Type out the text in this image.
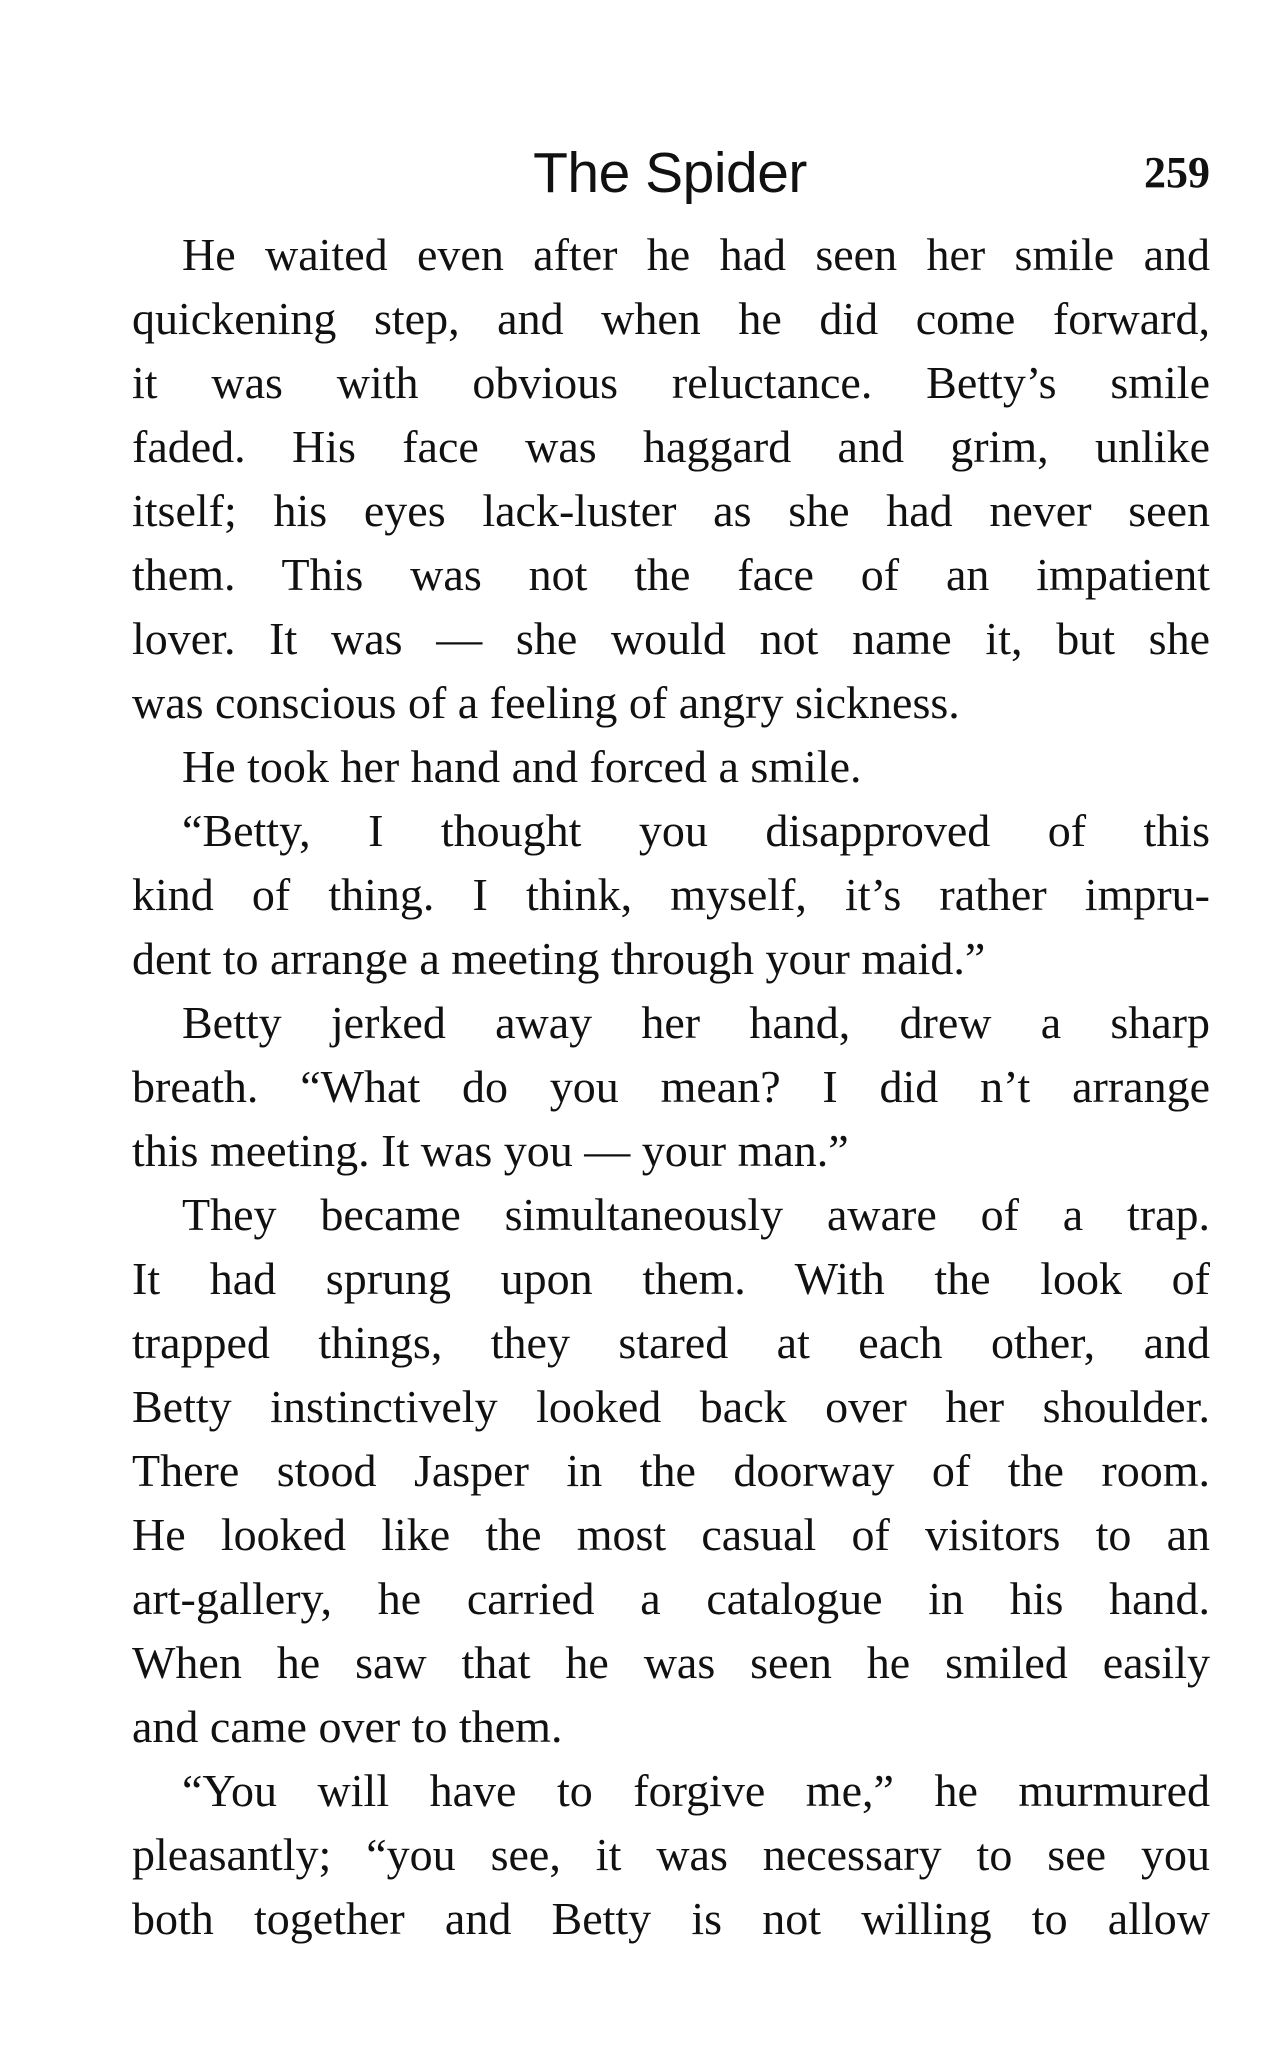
The Spider	259
He waited even after he had seen her smile and
quickening step, and when he did come forward,
it was with obvious reluctance. Betty’s smile
faded. His face was haggard and grim, unlike
itself; his eyes lack-luster as she had never seen
them. This was not the face of an impatient
lover. It was — she would not name it, but she
was conscious of a feeling of angry sickness.
He took her hand and forced a smile.
“Betty, I thought you disapproved of this
kind of thing. I think, myself, it’s rather impru-
dent to arrange a meeting through your maid.”
Betty jerked away her hand, drew a sharp
breath. “What do you mean? I did n’t arrange
this meeting. It was you — your man.”
They became simultaneously aware of a trap.
It had sprung upon them. With the look of
trapped things, they stared at each other, and
Betty instinctively looked back over her shoulder.
There stood Jasper in the doorway of the room.
He looked like the most casual of visitors to an
art-gallery, he carried a catalogue in his hand.
When he saw that he was seen he smiled easily
and came over to them.
“You will have to forgive me,” he murmured
pleasantly; “you see, it was necessary to see you
both together and Betty is not willing to allow
